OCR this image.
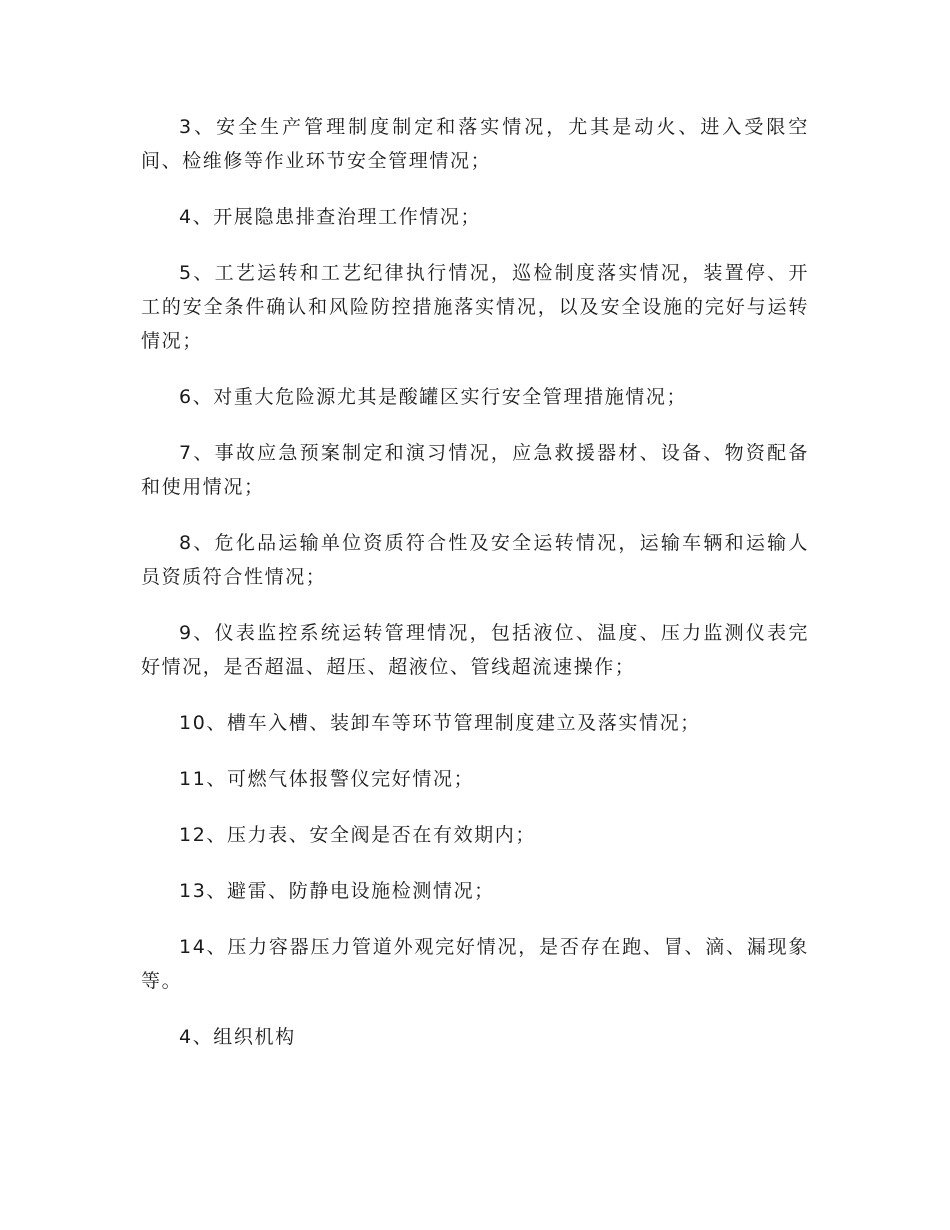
3、安全生产管理制度制定和落实情况，尤其是动火、进入受限空间、检维修等作业环节安全管理情况；

4、开展隐患排查治理工作情况；

5、工艺运转和工艺纪律执行情况，巡检制度落实情况，装置停、开工的安全条件确认和风险防控措施落实情况，以及安全设施的完好与运转情况；

6、对重大危险源尤其是酸罐区实行安全管理措施情况；

7、事故应急预案制定和演习情况，应急救援器材、设备、物资配备和使用情况；

8、危化品运输单位资质符合性及安全运转情况，运输车辆和运输人员资质符合性情况；

9、仪表监控系统运转管理情况，包括液位、温度、压力监测仪表完好情况，是否超温、超压、超液位、管线超流速操作；

10、槽车入槽、装卸车等环节管理制度建立及落实情况；

11、可燃气体报警仪完好情况；

12、压力表、安全阀是否在有效期内；

13、避雷、防静电设施检测情况；

14、压力容器压力管道外观完好情况，是否存在跑、冒、滴、漏现象等。

4、组织机构
